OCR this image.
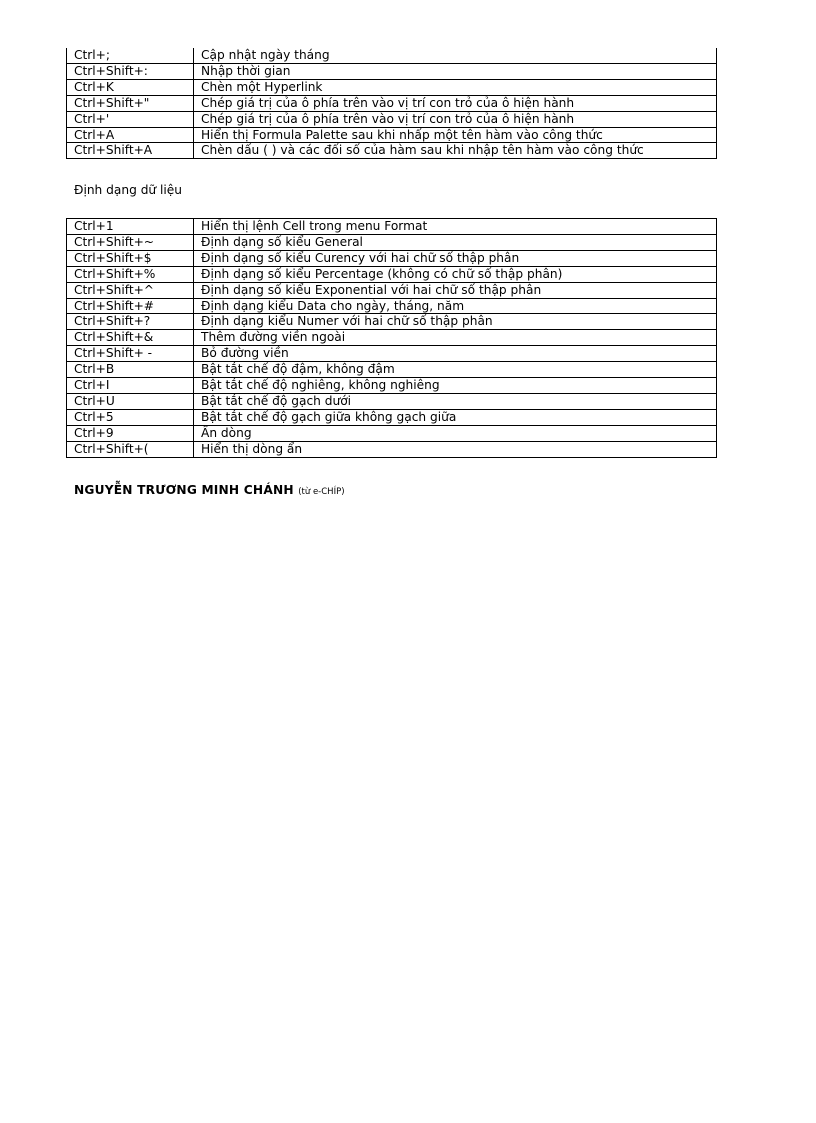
Ctrl+;	Cập nhật ngày tháng
Ctrl+Shift+:	Nhập thời gian
Ctrl+K	Chèn một Hyperlink
Ctrl+Shift+"	Chép giá trị của ô phía trên vào vị trí con trỏ của ô hiện hành
Ctrl+'	Chép giá trị của ô phía trên vào vị trí con trỏ của ô hiện hành
Ctrl+A	Hiển thị Formula Palette sau khi nhấp một tên hàm vào công thức
Ctrl+Shift+A	Chèn dấu ( ) và các đối số của hàm sau khi nhập tên hàm vào công thức
Định dạng dữ liệu
Ctrl+1	Hiển thị lệnh Cell trong menu Format
Ctrl+Shift+~	Định dạng số kiểu General
Ctrl+Shift+$	Định dạng số kiểu Curency với hai chữ số thập phân
Ctrl+Shift+%	Định dạng số kiểu Percentage (không có chữ số thập phân)
Ctrl+Shift+^	Định dạng số kiểu Exponential với hai chữ số thập phân
Ctrl+Shift+#	Định dạng kiểu Data cho ngày, tháng, năm
Ctrl+Shift+?	Định dạng kiểu Numer với hai chữ số thập phân
Ctrl+Shift+&	Thêm đường viền ngoài
Ctrl+Shift+ -	Bỏ đường viền
Ctrl+B	Bật tắt chế độ đậm, không đậm
Ctrl+I	Bật tắt chế độ nghiêng, không nghiêng
Ctrl+U	Bật tắt chế độ gạch dưới
Ctrl+5	Bật tắt chế độ gạch giữa không gạch giữa
Ctrl+9	Ẩn dòng
Ctrl+Shift+(	Hiển thị dòng ẩn
NGUYỄN TRƯƠNG MINH CHÁNH (từ e-CHÍP)
